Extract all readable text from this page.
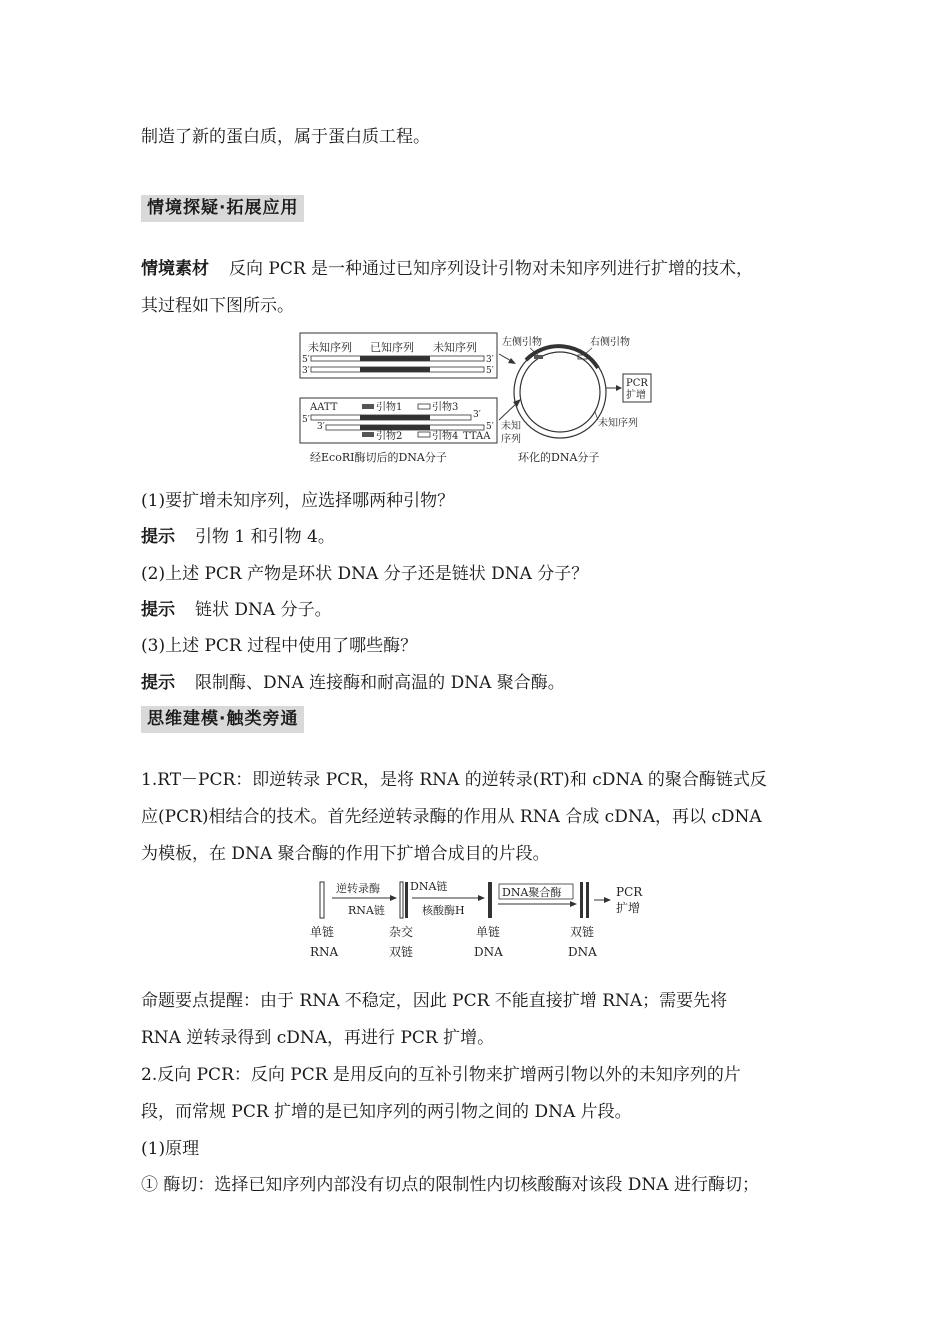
制造了新的蛋白质，属于蛋白质工程。
情境探疑·拓展应用
情境素材 反向 PCR 是一种通过已知序列设计引物对未知序列进行扩增的技术，
其过程如下图所示。
未知序列 已知序列 未知序列
5′
3′
3′
5′
AATT	引物1	引物3
5′	3′
3′	5′
引物2	引物4 TTAA
经EcoRⅠ酶切后的DNA分子
左侧引物	右侧引物
未知
序列
未知序列
PCR
扩增
环化的DNA分子
(1)要扩增未知序列，应选择哪两种引物？
提示 引物 1 和引物 4。
(2)上述 PCR 产物是环状 DNA 分子还是链状 DNA 分子？
提示 链状 DNA 分子。
(3)上述 PCR 过程中使用了哪些酶？
提示 限制酶、DNA 连接酶和耐高温的 DNA 聚合酶。
思维建模·触类旁通
1.RT－PCR：即逆转录 PCR，是将 RNA 的逆转录(RT)和 cDNA 的聚合酶链式反
应(PCR)相结合的技术。首先经逆转录酶的作用从 RNA 合成 cDNA，再以 cDNA
为模板，在 DNA 聚合酶的作用下扩增合成目的片段。
逆转录酶
RNA链
DNA链
核酸酶H
DNA聚合酶	PCR
扩增
单链
RNA
杂交
双链
单链
DNA
双链
DNA
命题要点提醒：由于 RNA 不稳定，因此 PCR 不能直接扩增 RNA；需要先将
RNA 逆转录得到 cDNA，再进行 PCR 扩增。
2.反向 PCR：反向 PCR 是用反向的互补引物来扩增两引物以外的未知序列的片
段，而常规 PCR 扩增的是已知序列的两引物之间的 DNA 片段。
(1)原理
① 酶切：选择已知序列内部没有切点的限制性内切核酸酶对该段 DNA 进行酶切；
